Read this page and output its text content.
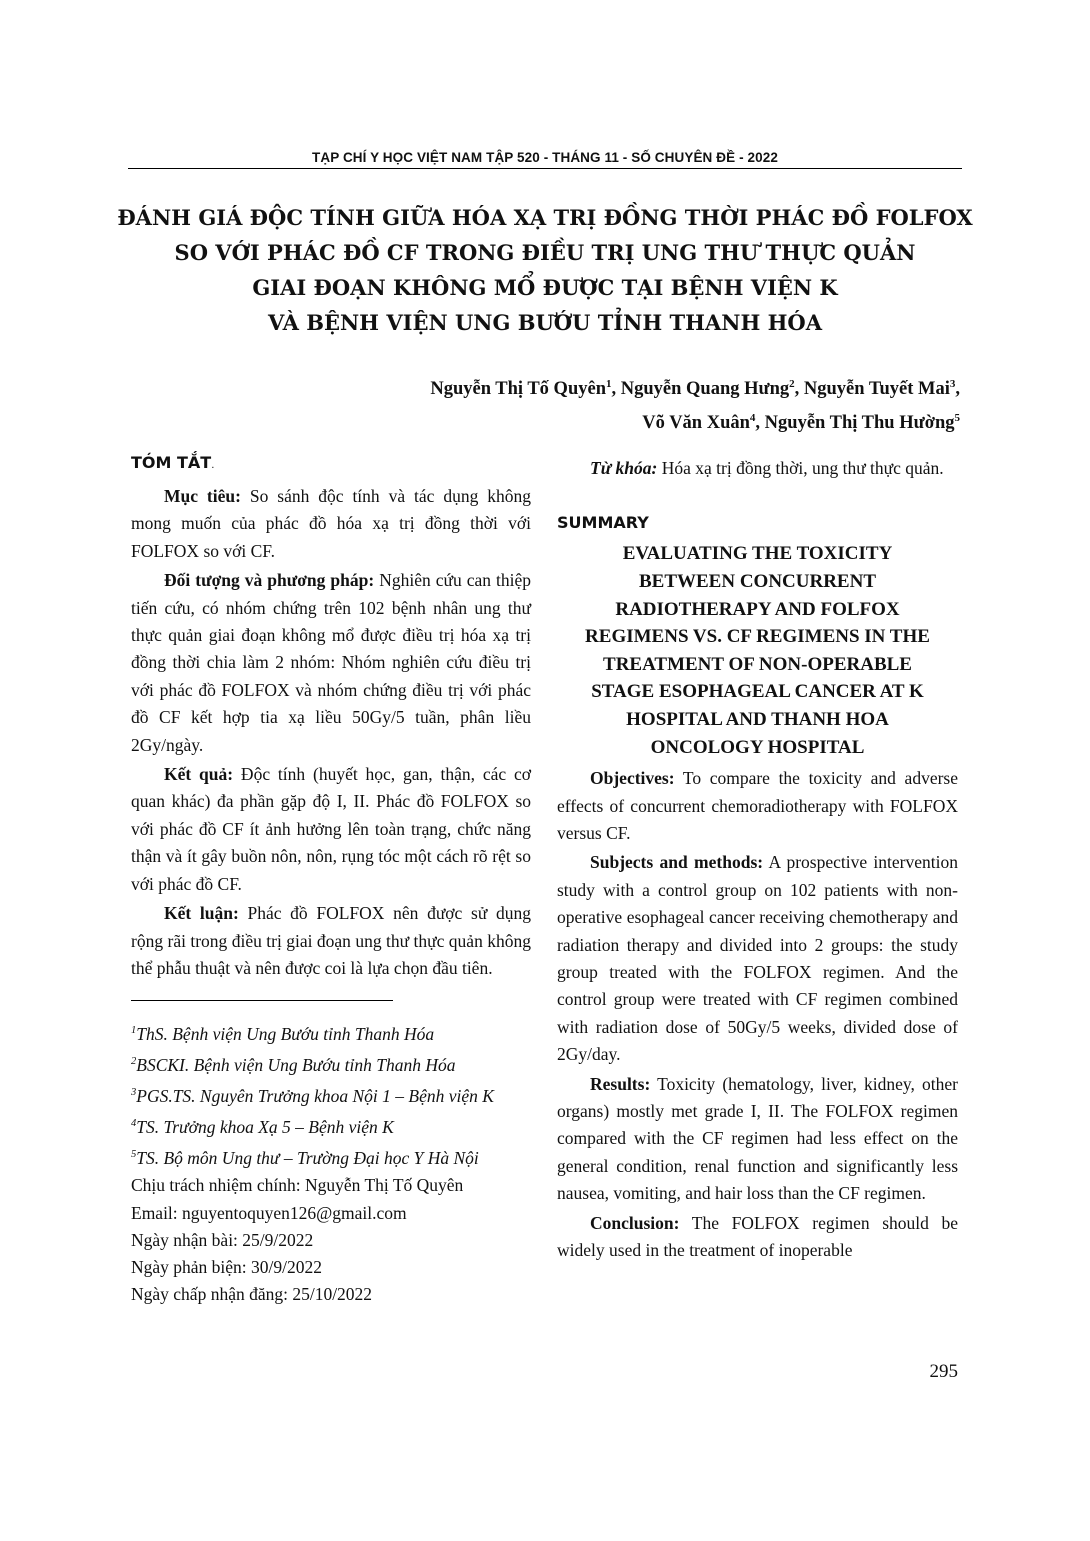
TẠP CHÍ Y HỌC VIỆT NAM TẬP 520 - THÁNG 11 - SỐ CHUYÊN ĐỀ - 2022
ĐÁNH GIÁ ĐỘC TÍNH GIỮA HÓA XẠ TRỊ ĐỒNG THỜI PHÁC ĐỒ FOLFOX
SO VỚI PHÁC ĐỒ CF TRONG ĐIỀU TRỊ UNG THƯ THỰC QUẢN
GIAI ĐOẠN KHÔNG MỔ ĐƯỢC TẠI BỆNH VIỆN K
VÀ BỆNH VIỆN UNG BƯỚU TỈNH THANH HÓA
Nguyễn Thị Tố Quyên$^1$, Nguyễn Quang Hưng$^2$, Nguyễn Tuyết Mai$^3$,
Võ Văn Xuân$^4$, Nguyễn Thị Thu Hường$^5$
TÓM TẮT.

Mục tiêu: So sánh độc tính và tác dụng không mong muốn của phác đồ hóa xạ trị đồng thời với FOLFOX so với CF.

Đối tượng và phương pháp: Nghiên cứu can thiệp tiến cứu, có nhóm chứng trên 102 bệnh nhân ung thư thực quản giai đoạn không mổ được điều trị hóa xạ trị đồng thời chia làm 2 nhóm: Nhóm nghiên cứu điều trị với phác đồ FOLFOX và nhóm chứng điều trị với phác đồ CF kết hợp tia xạ liều 50Gy/5 tuần, phân liều 2Gy/ngày.

Kết quả: Độc tính (huyết học, gan, thận, các cơ quan khác) đa phần gặp độ I, II. Phác đồ FOLFOX so với phác đồ CF ít ảnh hưởng lên toàn trạng, chức năng thận và ít gây buồn nôn, nôn, rụng tóc một cách rõ rệt so với phác đồ CF.

Kết luận: Phác đồ FOLFOX nên được sử dụng rộng rãi trong điều trị giai đoạn ung thư thực quản không thể phẫu thuật và nên được coi là lựa chọn đầu tiên.

$^1$ThS. Bệnh viện Ung Bướu tỉnh Thanh Hóa
$^2$BSCKI. Bệnh viện Ung Bướu tỉnh Thanh Hóa
$^3$PGS.TS. Nguyên Trưởng khoa Nội 1 – Bệnh viện K
$^4$TS. Trưởng khoa Xạ 5 – Bệnh viện K
$^5$TS. Bộ môn Ung thư – Trường Đại học Y Hà Nội
Chịu trách nhiệm chính: Nguyễn Thị Tố Quyên
Email: nguyentoquyen126@gmail.com
Ngày nhận bài: 25/9/2022
Ngày phản biện: 30/9/2022
Ngày chấp nhận đăng: 25/10/2022

Từ khóa: Hóa xạ trị đồng thời, ung thư thực quản.

SUMMARY
EVALUATING THE TOXICITY
BETWEEN CONCURRENT
RADIOTHERAPY AND FOLFOX
REGIMENS VS. CF REGIMENS IN THE
TREATMENT OF NON-OPERABLE
STAGE ESOPHAGEAL CANCER AT K
HOSPITAL AND THANH HOA
ONCOLOGY HOSPITAL

Objectives: To compare the toxicity and adverse effects of concurrent chemoradiotherapy with FOLFOX versus CF.

Subjects and methods: A prospective intervention study with a control group on 102 patients with non-operative esophageal cancer receiving chemotherapy and radiation therapy and divided into 2 groups: the study group treated with the FOLFOX regimen. And the control group were treated with CF regimen combined with radiation dose of 50Gy/5 weeks, divided dose of 2Gy/day.

Results: Toxicity (hematology, liver, kidney, other organs) mostly met grade I, II. The FOLFOX regimen compared with the CF regimen had less effect on the general condition, renal function and significantly less nausea, vomiting, and hair loss than the CF regimen.

Conclusion: The FOLFOX regimen should be widely used in the treatment of inoperable

295
